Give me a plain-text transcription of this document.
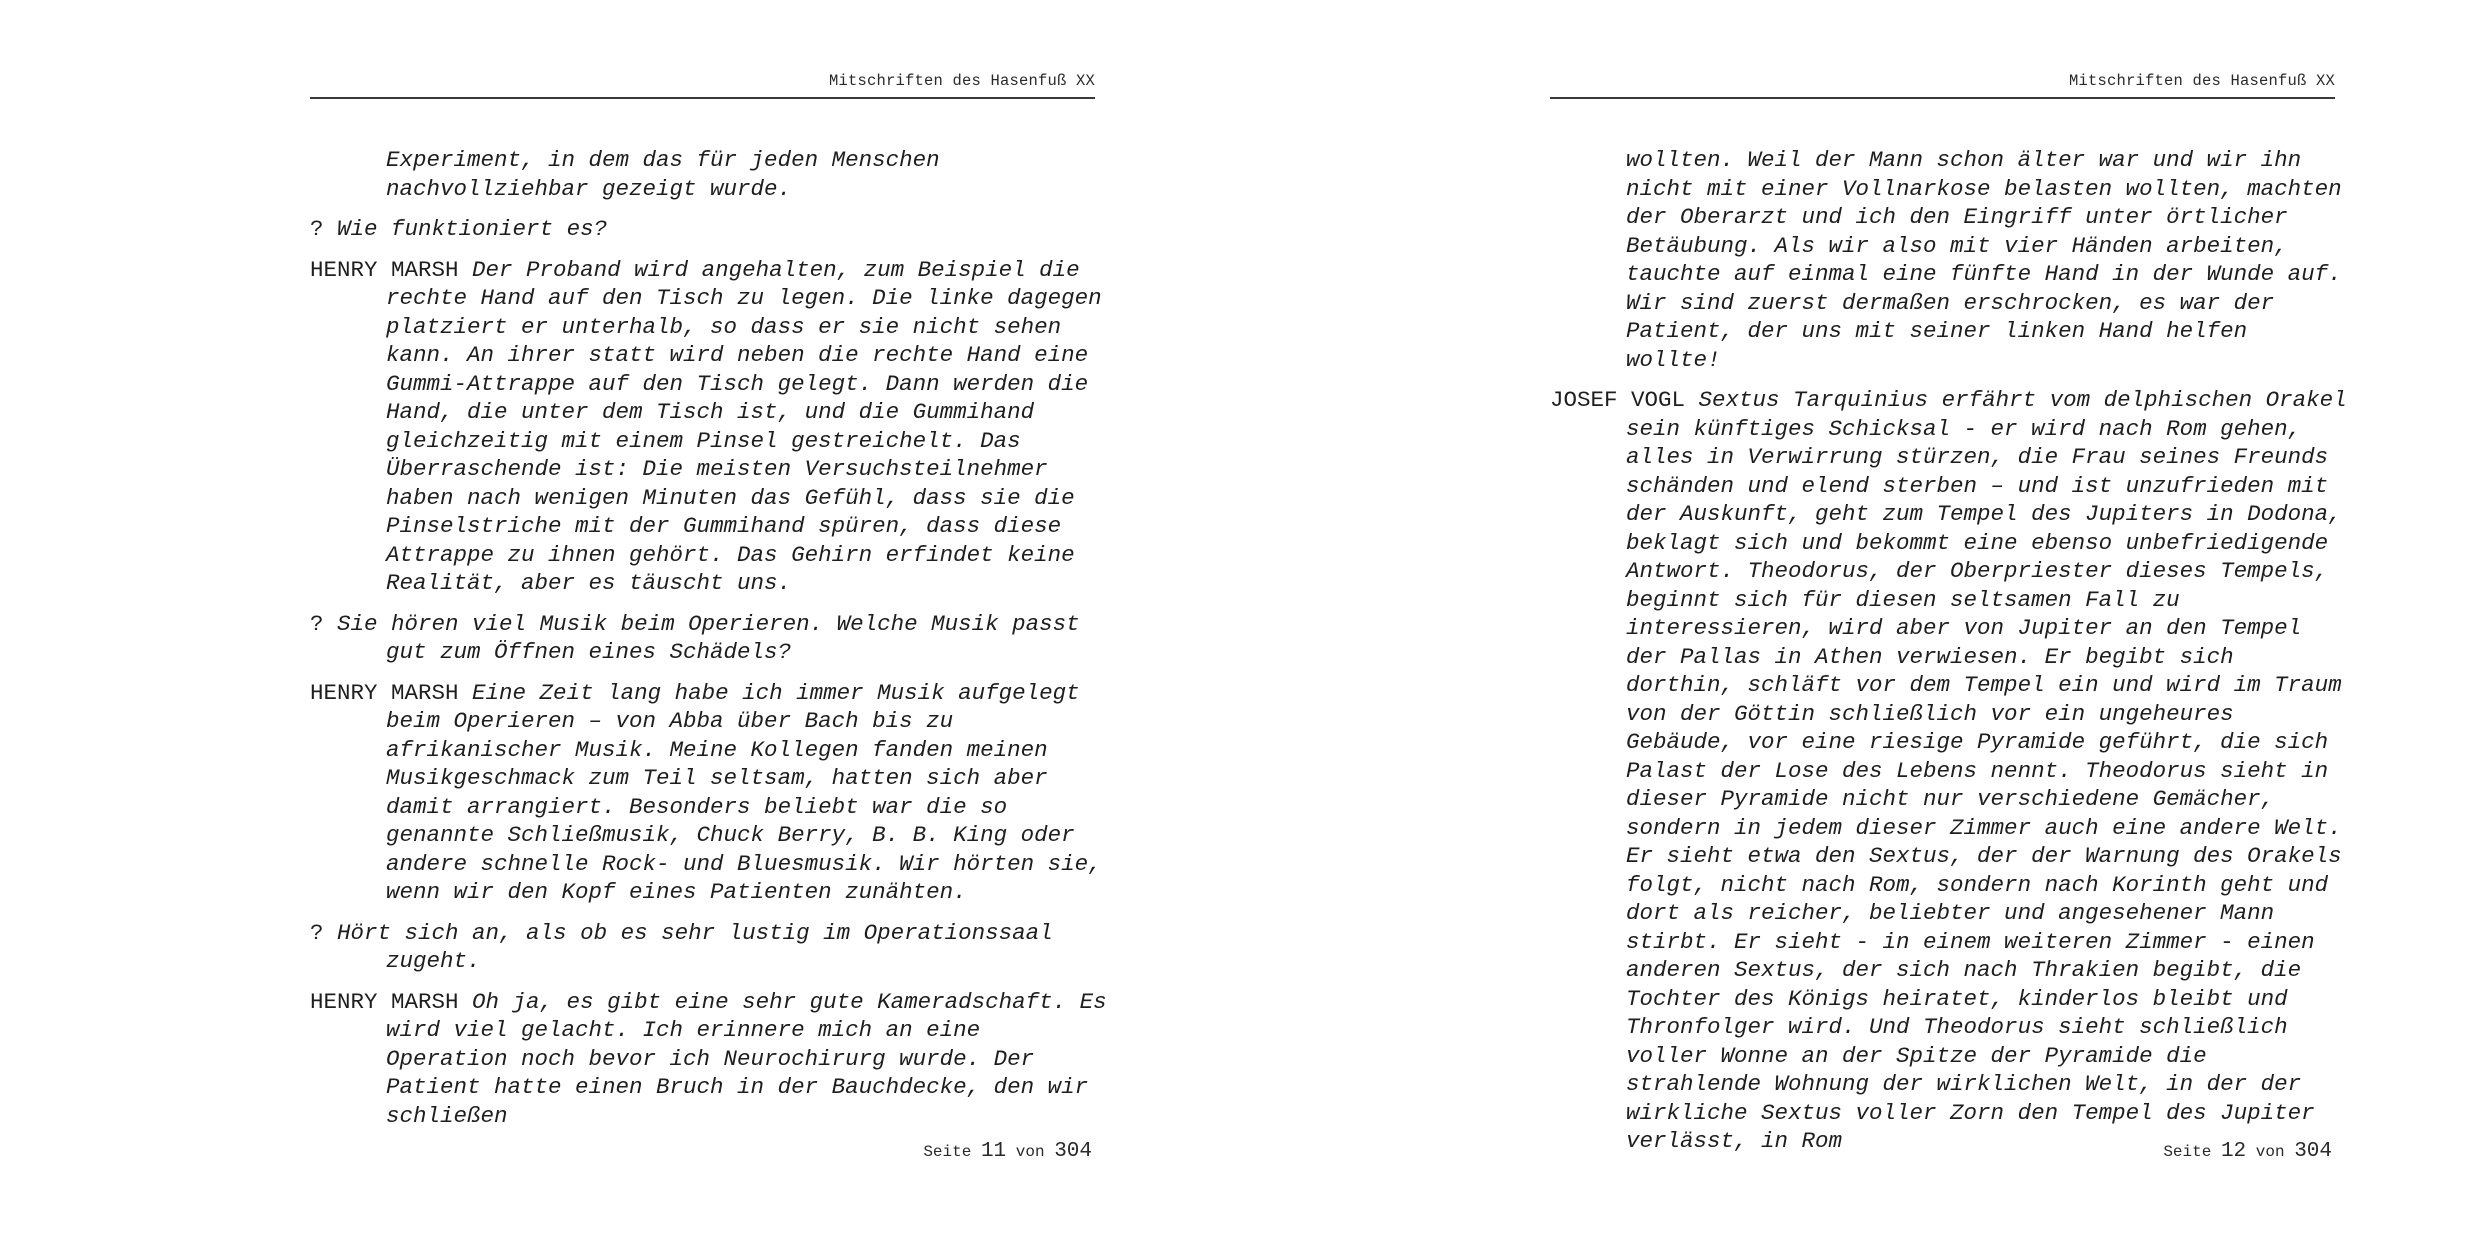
Mitschriften des Hasenfuß XX

Experiment, in dem das für jeden Menschen nachvollziehbar gezeigt wurde.

? Wie funktioniert es?

HENRY MARSH Der Proband wird angehalten, zum Beispiel die rechte Hand auf den Tisch zu legen. Die linke dagegen platziert er unterhalb, so dass er sie nicht sehen kann. An ihrer statt wird neben die rechte Hand eine Gummi-Attrappe auf den Tisch gelegt. Dann werden die Hand, die unter dem Tisch ist, und die Gummihand gleichzeitig mit einem Pinsel gestreichelt. Das Überraschende ist: Die meisten Versuchsteilnehmer haben nach wenigen Minuten das Gefühl, dass sie die Pinselstriche mit der Gummihand spüren, dass diese Attrappe zu ihnen gehört. Das Gehirn erfindet keine Realität, aber es täuscht uns.

? Sie hören viel Musik beim Operieren. Welche Musik passt gut zum Öffnen eines Schädels?

HENRY MARSH Eine Zeit lang habe ich immer Musik aufgelegt beim Operieren – von Abba über Bach bis zu afrikanischer Musik. Meine Kollegen fanden meinen Musikgeschmack zum Teil seltsam, hatten sich aber damit arrangiert. Besonders beliebt war die so genannte Schließmusik, Chuck Berry, B. B. King oder andere schnelle Rock- und Bluesmusik. Wir hörten sie, wenn wir den Kopf eines Patienten zunähten.

? Hört sich an, als ob es sehr lustig im Operationssaal zugeht.

HENRY MARSH Oh ja, es gibt eine sehr gute Kameradschaft. Es wird viel gelacht. Ich erinnere mich an eine Operation noch bevor ich Neurochirurg wurde. Der Patient hatte einen Bruch in der Bauchdecke, den wir schließen

Seite 11 von 304
Mitschriften des Hasenfuß XX

wollten. Weil der Mann schon älter war und wir ihn nicht mit einer Vollnarkose belasten wollten, machten der Oberarzt und ich den Eingriff unter örtlicher Betäubung. Als wir also mit vier Händen arbeiten, tauchte auf einmal eine fünfte Hand in der Wunde auf. Wir sind zuerst dermaßen erschrocken, es war der Patient, der uns mit seiner linken Hand helfen wollte!

JOSEF VOGL Sextus Tarquinius erfährt vom delphischen Orakel sein künftiges Schicksal - er wird nach Rom gehen, alles in Verwirrung stürzen, die Frau seines Freunds schänden und elend sterben – und ist unzufrieden mit der Auskunft, geht zum Tempel des Jupiters in Dodona, beklagt sich und bekommt eine ebenso unbefriedigende Antwort. Theodorus, der Oberpriester dieses Tempels, beginnt sich für diesen seltsamen Fall zu interessieren, wird aber von Jupiter an den Tempel der Pallas in Athen verwiesen. Er begibt sich dorthin, schläft vor dem Tempel ein und wird im Traum von der Göttin schließlich vor ein ungeheures Gebäude, vor eine riesige Pyramide geführt, die sich Palast der Lose des Lebens nennt. Theodorus sieht in dieser Pyramide nicht nur verschiedene Gemächer, sondern in jedem dieser Zimmer auch eine andere Welt. Er sieht etwa den Sextus, der der Warnung des Orakels folgt, nicht nach Rom, sondern nach Korinth geht und dort als reicher, beliebter und angesehener Mann stirbt. Er sieht - in einem weiteren Zimmer - einen anderen Sextus, der sich nach Thrakien begibt, die Tochter des Königs heiratet, kinderlos bleibt und Thronfolger wird. Und Theodorus sieht schließlich voller Wonne an der Spitze der Pyramide die strahlende Wohnung der wirklichen Welt, in der der wirkliche Sextus voller Zorn den Tempel des Jupiter verlässt, in Rom	Seite 12 von 304
